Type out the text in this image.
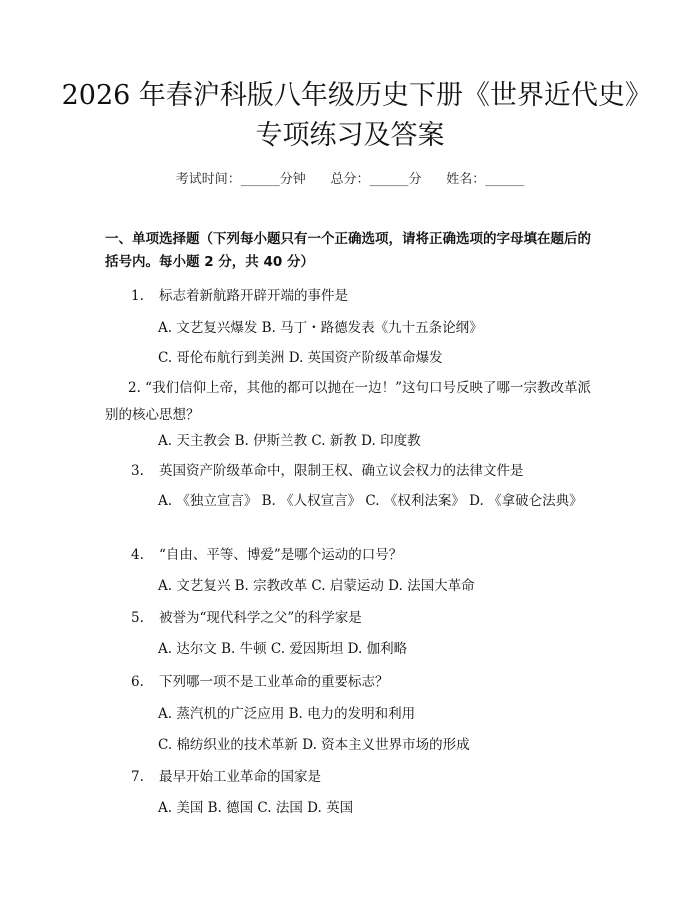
2026 年春沪科版八年级历史下册《世界近代史》专项练习及答案
考试时间：______分钟      总分：______分      姓名：______
一、单项选择题（下列每小题只有一个正确选项，请将正确选项的字母填在题后的括号内。每小题 2 分，共 40 分）
1. 标志着新航路开辟开端的事件是
A. 文艺复兴爆发 B. 马丁・路德发表《九十五条论纲》
C. 哥伦布航行到美洲 D. 英国资产阶级革命爆发
2. “我们信仰上帝，其他的都可以抛在一边！”这句口号反映了哪一宗教改革派别的核心思想？
A. 天主教会 B. 伊斯兰教 C. 新教 D. 印度教
3. 英国资产阶级革命中，限制王权、确立议会权力的法律文件是
A. 《独立宣言》 B. 《人权宣言》 C. 《权利法案》 D. 《拿破仑法典》
4. “自由、平等、博爱”是哪个运动的口号？
A. 文艺复兴 B. 宗教改革 C. 启蒙运动 D. 法国大革命
5. 被誉为“现代科学之父”的科学家是
A. 达尔文 B. 牛顿 C. 爱因斯坦 D. 伽利略
6. 下列哪一项不是工业革命的重要标志？
A. 蒸汽机的广泛应用 B. 电力的发明和利用
C. 棉纺织业的技术革新 D. 资本主义世界市场的形成
7. 最早开始工业革命的国家是
A. 美国 B. 德国 C. 法国 D. 英国
